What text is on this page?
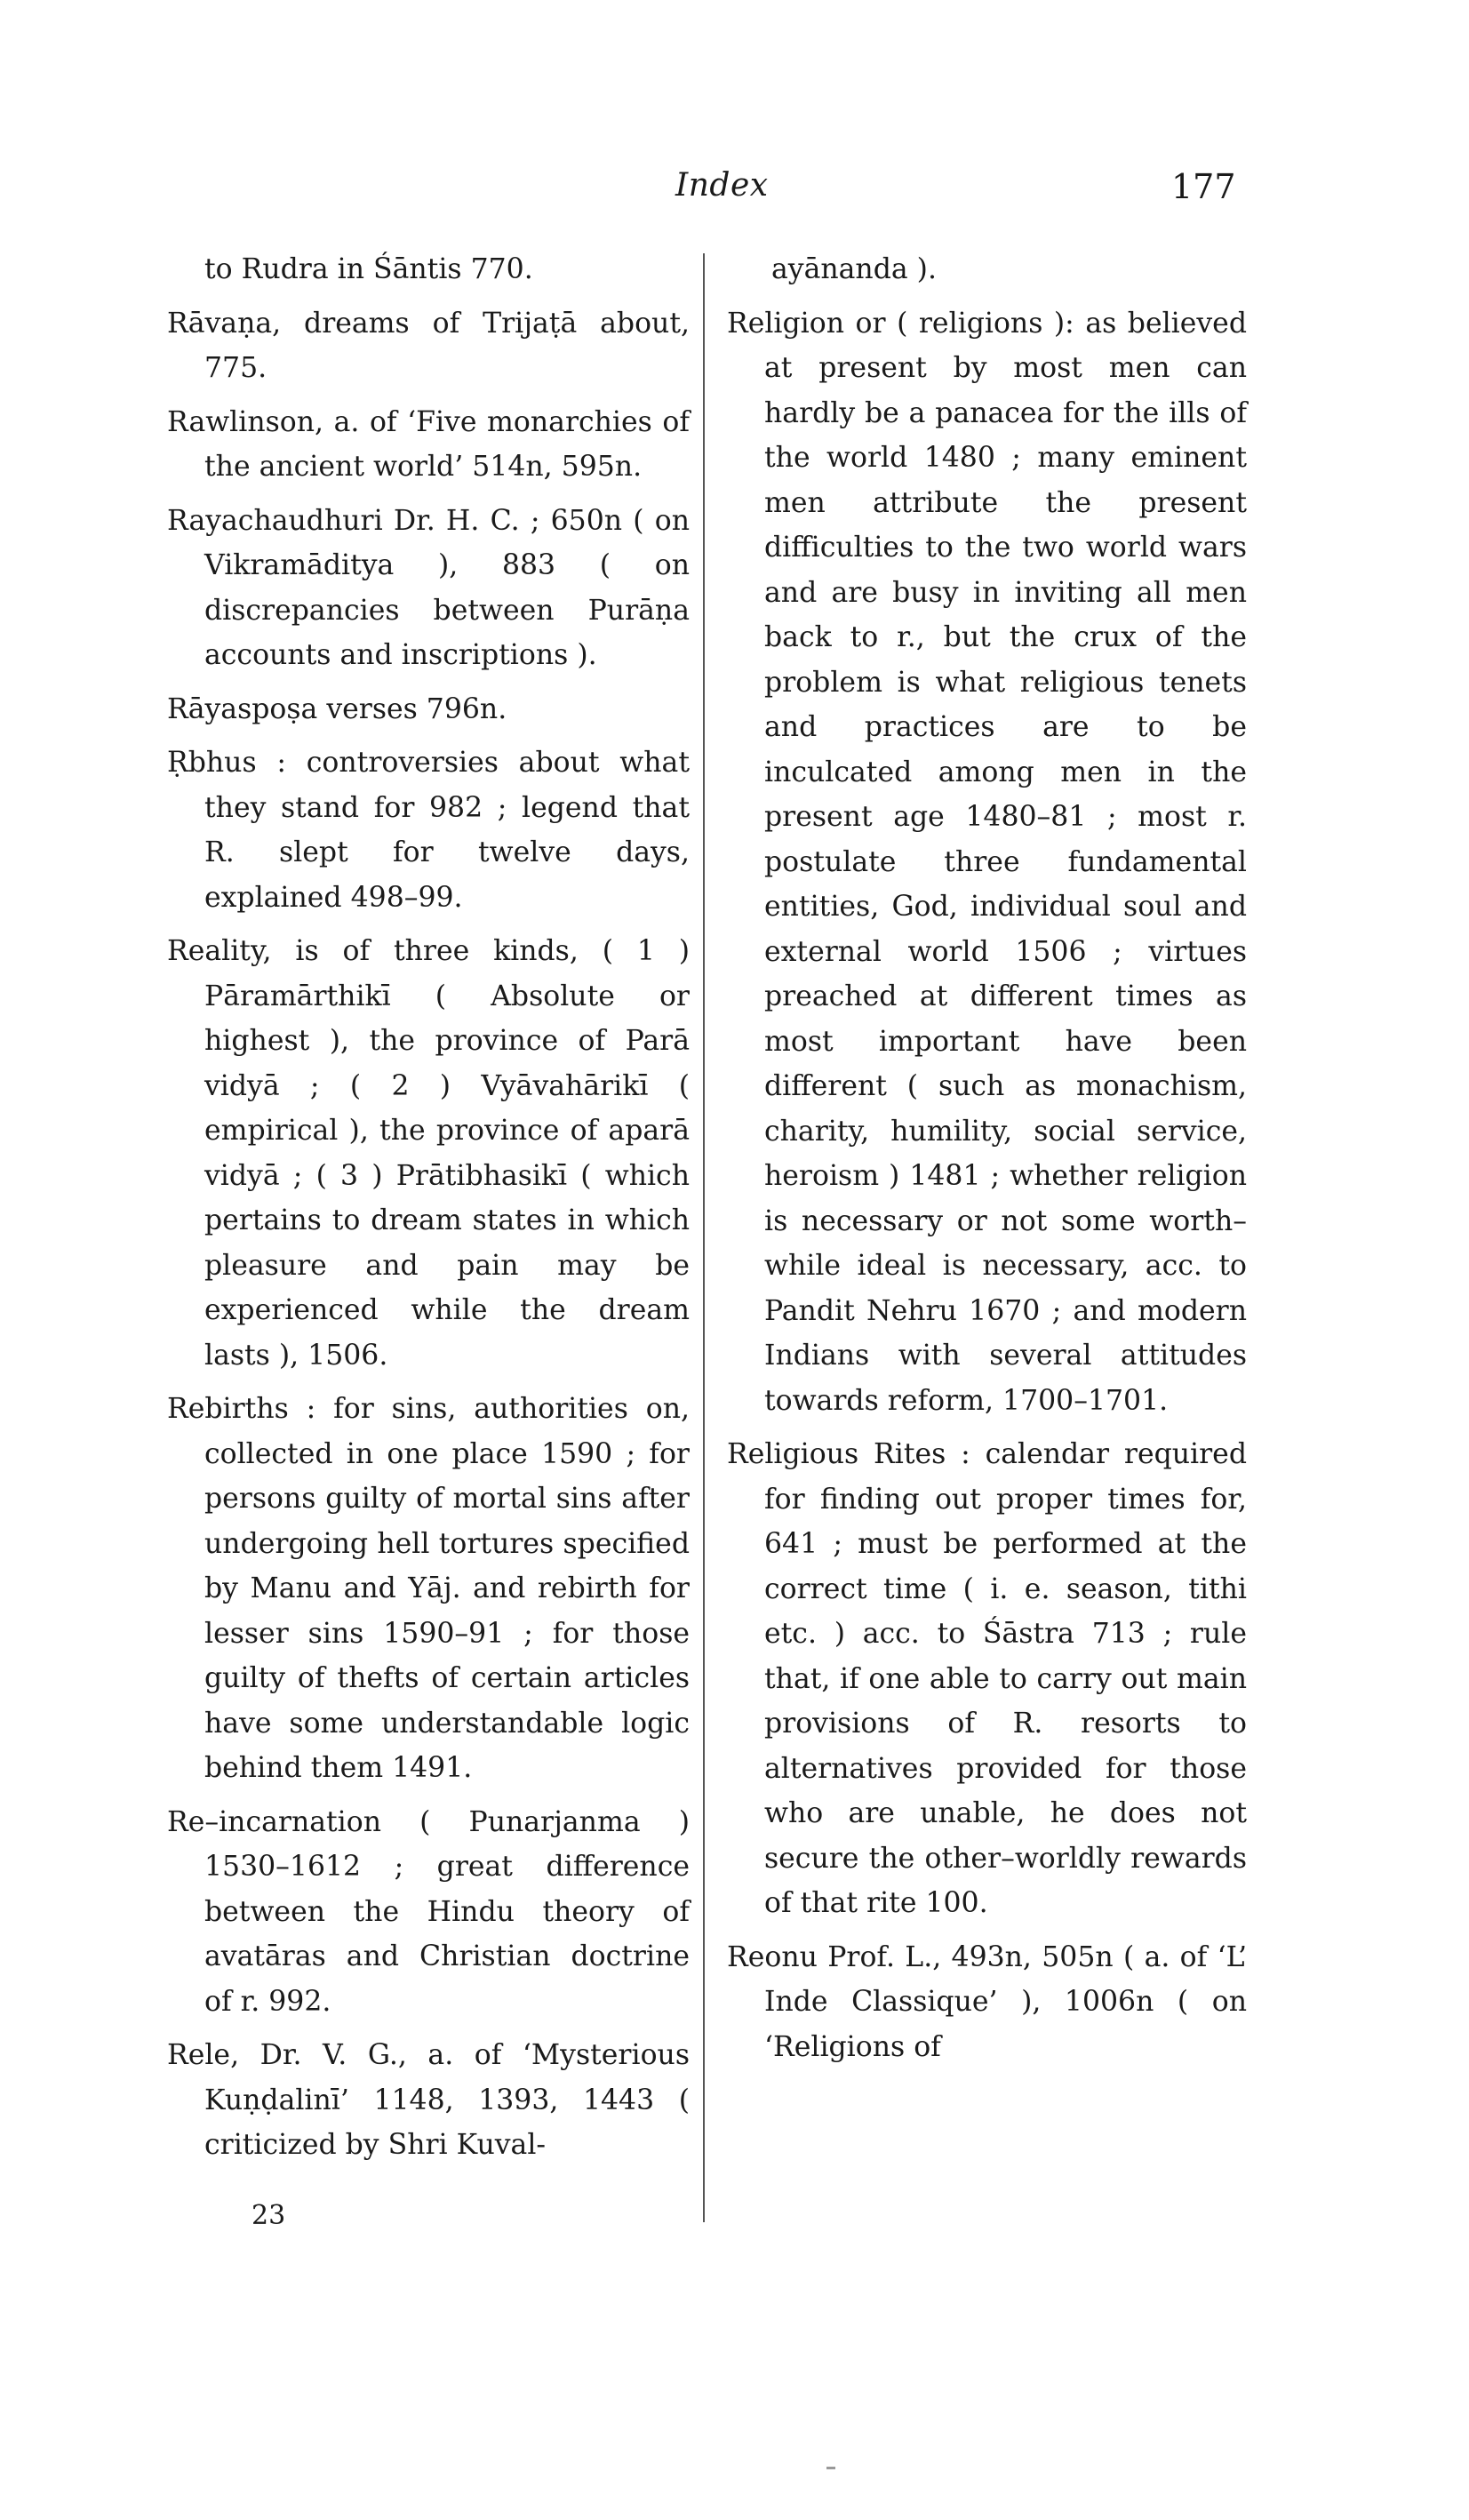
Index	177

to Rudra in Śāntis 770.

Rāvaṇa, dreams of Trijaṭā about, 775.

Rawlinson, a. of ‘Five monarchies of the ancient world’ 514n, 595n.

Rayachaudhuri Dr. H. C. ; 650n ( on Vikramāditya ), 883 ( on discrepancies between Purāṇa accounts and inscriptions ).

Rāyaspoṣa verses 796n.

Ṛbhus : controversies about what they stand for 982 ; legend that R. slept for twelve days, explained 498–99.

Reality, is of three kinds, ( 1 ) Pāramārthikī ( Absolute or highest ), the province of Parā vidyā ; ( 2 ) Vyāvahārikī ( empirical ), the province of aparā vidyā ; ( 3 ) Prātibhasikī ( which pertains to dream states in which pleasure and pain may be experienced while the dream lasts ), 1506.

Rebirths : for sins, authorities on, collected in one place 1590 ; for persons guilty of mortal sins after undergoing hell tortures specified by Manu and Yāj. and rebirth for lesser sins 1590–91 ; for those guilty of thefts of certain articles have some understandable logic behind them 1491.

Re–incarnation ( Punarjanma ) 1530–1612 ; great difference between the Hindu theory of avatāras and Christian doctrine of r. 992.

Rele, Dr. V. G., a. of ‘Mysterious Kuṇḍalinī’ 1148, 1393, 1443 ( criticized by Shri Kuval-

ayānanda ).

Religion or ( religions ): as believed at present by most men can hardly be a panacea for the ills of the world 1480 ; many eminent men attribute the present difficulties to the two world wars and are busy in inviting all men back to r., but the crux of the problem is what religious tenets and practices are to be inculcated among men in the present age 1480–81 ; most r. postulate three fundamental entities, God, individual soul and external world 1506 ; virtues preached at different times as most important have been different ( such as monachism, charity, humility, social service, heroism ) 1481 ; whether religion is necessary or not some worth–while ideal is necessary, acc. to Pandit Nehru 1670 ; and modern Indians with several attitudes towards reform, 1700–1701.

Religious Rites : calendar required for finding out proper times for, 641 ; must be performed at the correct time ( i. e. season, tithi etc. ) acc. to Śāstra 713 ; rule that, if one able to carry out main provisions of R. resorts to alternatives provided for those who are unable, he does not secure the other–worldly rewards of that rite 100.

Reonu Prof. L., 493n, 505n ( a. of ‘L’ Inde Classique’ ), 1006n ( on ‘Religions of

23
